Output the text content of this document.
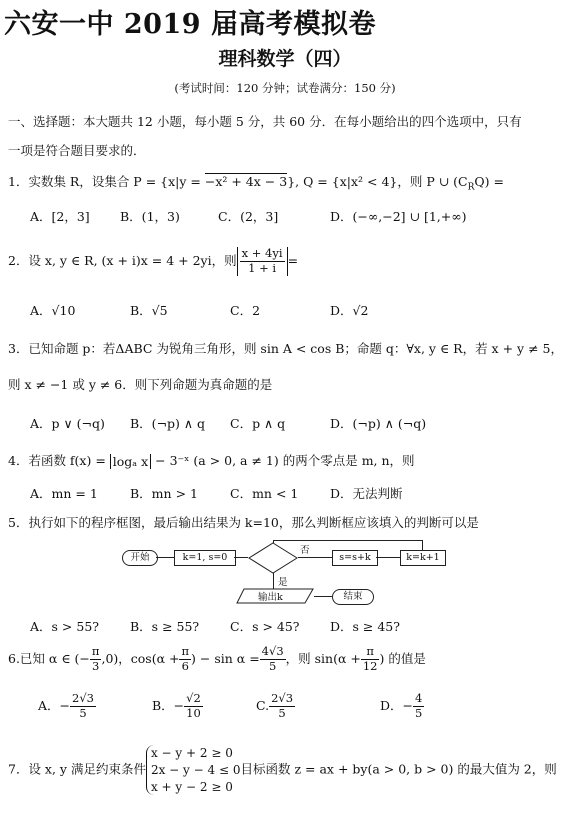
六安一中 2019 届高考模拟卷
理科数学（四）
(考试时间：120 分钟；试卷满分：150 分)
一、选择题：本大题共 12 小题，每小题 5 分，共 60 分．在每小题给出的四个选项中，只有
一项是符合题目要求的．
1．实数集 R，设集合 P = {x|y = −x² + 4x − 3}, Q = {x|x² < 4}，则 P ∪ $(C_RQ)$ =
A．[2，3] B．(1，3)	C．(2，3]	D．(−∞,−2] ∪ [1,+∞)
2．设 x, y ∈ R, (x + i)x = 4 + 2yi，则 $\frac{x + 4yi}{1 + i}$ =
A．√10	B．√5	C．2	D．√2
3．已知命题 p：若ΔABC 为锐角三角形，则 sin A < cos B；命题 q：∀x, y ∈ R，若 x + y ≠ 5，
则 x ≠ −1 或 y ≠ 6．则下列命题为真命题的是
A．p ∨ (¬q) B．(¬p) ∧ q C．p ∧ q	D．(¬p) ∧ (¬q)
4．若函数 f(x) = logₐ x − 3⁻ˣ (a > 0, a ≠ 1) 的两个零点是 m, n，则
A．mn = 1	B．mn > 1	C．mn < 1	D．无法判断
5．执行如下的程序框图，最后输出结果为 k=10，那么判断框应该填入的判断可以是
开始	k=1, s=0
否
s=s+k	k=k+1
是
输出k	结束
A．s > 55? B．s ≥ 55? C．s > 45? D．s ≥ 45?
6.已知 α ∈ (− $\frac{\pi}{3} ,0$)，$\cos(\alpha + \frac{\pi}{6}$ ) − $\sin \alpha = \frac{4√3}{5}$ ，则 $\sin(\alpha + \frac{\pi}{12}$ ) 的值是
A．− $\frac{2√3}{5}$	B．− $\frac{√2}{10}$	C. $\frac{2√3}{5}$	D．− $\frac{4}{5}$
7．设 x, y 满足约束条件
x − y + 2 ≥ 0
2x − y − 4 ≤ 0
x + y − 2 ≥ 0
目标函数 z = ax + by(a > 0, b > 0) 的最大值为 2，则
